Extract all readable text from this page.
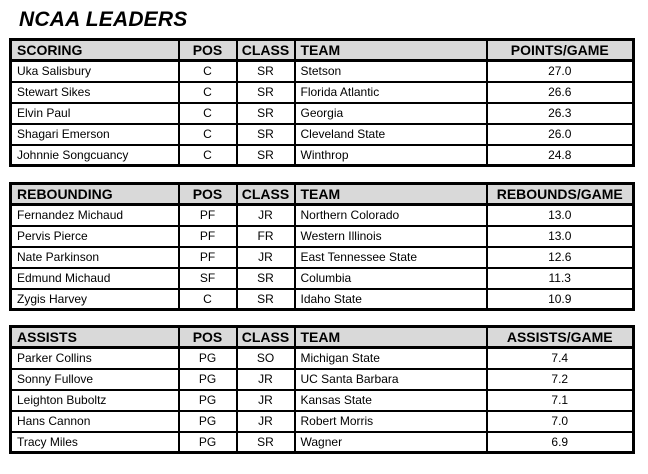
NCAA LEADERS
SCORING	POS	CLASS	TEAM	POINTS/GAME
Uka Salisbury	C	SR	Stetson	27.0
Stewart Sikes	C	SR	Florida Atlantic	26.6
Elvin Paul	C	SR	Georgia	26.3
Shagari Emerson	C	SR	Cleveland State	26.0
Johnnie Songcuancy	C	SR	Winthrop	24.8
REBOUNDING	POS	CLASS	TEAM	REBOUNDS/GAME
Fernandez Michaud	PF	JR	Northern Colorado	13.0
Pervis Pierce	PF	FR	Western Illinois	13.0
Nate Parkinson	PF	JR	East Tennessee State	12.6
Edmund Michaud	SF	SR	Columbia	11.3
Zygis Harvey	C	SR	Idaho State	10.9
ASSISTS	POS	CLASS	TEAM	ASSISTS/GAME
Parker Collins	PG	SO	Michigan State	7.4
Sonny Fullove	PG	JR	UC Santa Barbara	7.2
Leighton Buboltz	PG	JR	Kansas State	7.1
Hans Cannon	PG	JR	Robert Morris	7.0
Tracy Miles	PG	SR	Wagner	6.9
